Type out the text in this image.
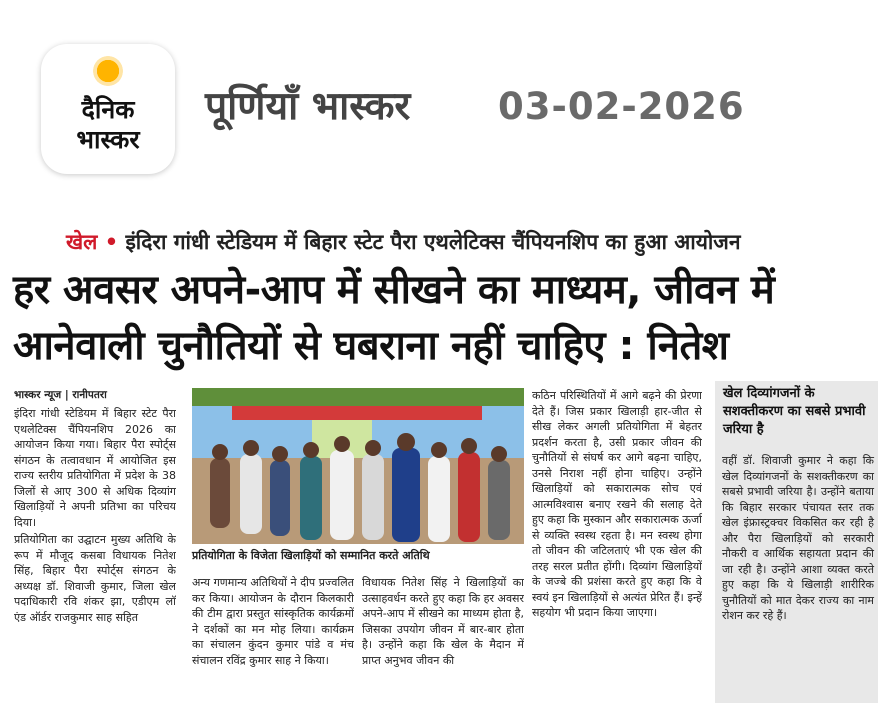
दैनिक
भास्कर
पूर्णियाँ भास्कर 03-02-2026
खेल • इंदिरा गांधी स्टेडियम में बिहार स्टेट पैरा एथलेटिक्स चैंपियनशिप का हुआ आयोजन
हर अवसर अपने-आप में सीखने का माध्यम, जीवन में आनेवाली चुनौतियों से घबराना नहीं चाहिए : नितेश
भास्कर न्यूज | रानीपतरा

इंदिरा गांधी स्टेडियम में बिहार स्टेट पैरा एथलेटिक्स चैंपियनशिप 2026 का आयोजन किया गया। बिहार पैरा स्पोर्ट्स संगठन के तत्वावधान में आयोजित इस राज्य स्तरीय प्रतियोगिता में प्रदेश के 38 जिलों से आए 300 से अधिक दिव्यांग खिलाड़ियों ने अपनी प्रतिभा का परिचय दिया।

प्रतियोगिता का उद्घाटन मुख्य अतिथि के रूप में मौजूद कसबा विधायक नितेश सिंह, बिहार पैरा स्पोर्ट्स संगठन के अध्यक्ष डॉ. शिवाजी कुमार, जिला खेल पदाधिकारी रवि शंकर झा, एडीएम लॉ एंड ऑर्डर राजकुमार साह सहित

प्रतियोगिता के विजेता खिलाड़ियों को सम्मानित करते अतिथि
अन्य गणमान्य अतिथियों ने दीप प्रज्वलित कर किया। आयोजन के दौरान किलकारी की टीम द्वारा प्रस्तुत सांस्कृतिक कार्यक्रमों ने दर्शकों का मन मोह लिया। कार्यक्रम का संचालन कुंदन कुमार पांडे व मंच संचालन रविंद्र कुमार साह ने किया।
विधायक नितेश सिंह ने खिलाड़ियों का उत्साहवर्धन करते हुए कहा कि हर अवसर अपने-आप में सीखने का माध्यम होता है, जिसका उपयोग जीवन में बार-बार होता है। उन्होंने कहा कि खेल के मैदान में प्राप्त अनुभव जीवन की
कठिन परिस्थितियों में आगे बढ़ने की प्रेरणा देते हैं। जिस प्रकार खिलाड़ी हार-जीत से सीख लेकर अगली प्रतियोगिता में बेहतर प्रदर्शन करता है, उसी प्रकार जीवन की चुनौतियों से संघर्ष कर आगे बढ़ना चाहिए, उनसे निराश नहीं होना चाहिए। उन्होंने खिलाड़ियों को सकारात्मक सोच एवं आत्मविश्वास बनाए रखने की सलाह देते हुए कहा कि मुस्कान और सकारात्मक ऊर्जा से व्यक्ति स्वस्थ रहता है। मन स्वस्थ होगा तो जीवन की जटिलताएं भी एक खेल की तरह सरल प्रतीत होंगी। दिव्यांग खिलाड़ियों के जज्बे की प्रशंसा करते हुए कहा कि वे स्वयं इन खिलाड़ियों से अत्यंत प्रेरित हैं। इन्हें सहयोग भी प्रदान किया जाएगा।
खेल दिव्यांगजनों के सशक्तीकरण का सबसे प्रभावी जरिया है
वहीं डॉ. शिवाजी कुमार ने कहा कि खेल दिव्यांगजनों के सशक्तीकरण का सबसे प्रभावी जरिया है। उन्होंने बताया कि बिहार सरकार पंचायत स्तर तक खेल इंफ्रास्ट्रक्चर विकसित कर रही है और पैरा खिलाड़ियों को सरकारी नौकरी व आर्थिक सहायता प्रदान की जा रही है। उन्होंने आशा व्यक्त करते हुए कहा कि ये खिलाड़ी शारीरिक चुनौतियों को मात देकर राज्य का नाम रोशन कर रहे हैं।
